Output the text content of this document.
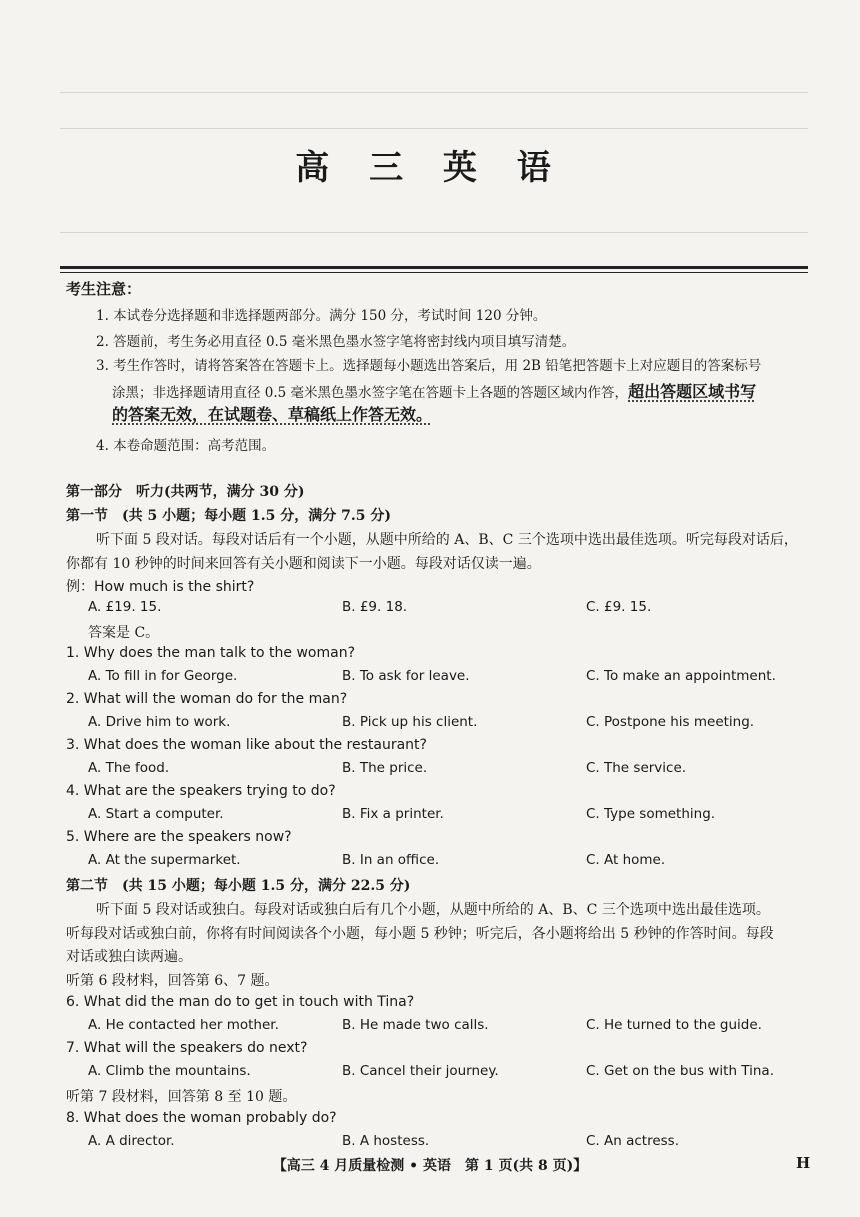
高 三 英 语
考生注意：
1. 本试卷分选择题和非选择题两部分。满分 150 分，考试时间 120 分钟。
2. 答题前，考生务必用直径 0.5 毫米黑色墨水签字笔将密封线内项目填写清楚。
3. 考生作答时，请将答案答在答题卡上。选择题每小题选出答案后，用 2B 铅笔把答题卡上对应题目的答案标号
涂黑；非选择题请用直径 0.5 毫米黑色墨水签字笔在答题卡上各题的答题区域内作答，超出答题区域书写
的答案无效，在试题卷、草稿纸上作答无效。
4. 本卷命题范围：高考范围。
第一部分　听力(共两节，满分 30 分)
第一节　(共 5 小题；每小题 1.5 分，满分 7.5 分)
听下面 5 段对话。每段对话后有一个小题，从题中所给的 A、B、C 三个选项中选出最佳选项。听完每段对话后，
你都有 10 秒钟的时间来回答有关小题和阅读下一小题。每段对话仅读一遍。
例：How much is the shirt?
A. £19. 15.	B. £9. 18.	C. £9. 15.
答案是 C。
1. Why does the man talk to the woman?
A. To fill in for George.	B. To ask for leave.	C. To make an appointment.
2. What will the woman do for the man?
A. Drive him to work.	B. Pick up his client.	C. Postpone his meeting.
3. What does the woman like about the restaurant?
A. The food.	B. The price.	C. The service.
4. What are the speakers trying to do?
A. Start a computer.	B. Fix a printer.	C. Type something.
5. Where are the speakers now?
A. At the supermarket.	B. In an office.	C. At home.
第二节　(共 15 小题；每小题 1.5 分，满分 22.5 分)
听下面 5 段对话或独白。每段对话或独白后有几个小题，从题中所给的 A、B、C 三个选项中选出最佳选项。
听每段对话或独白前，你将有时间阅读各个小题，每小题 5 秒钟；听完后，各小题将给出 5 秒钟的作答时间。每段
对话或独白读两遍。
听第 6 段材料，回答第 6、7 题。
6. What did the man do to get in touch with Tina?
A. He contacted her mother.	B. He made two calls.	C. He turned to the guide.
7. What will the speakers do next?
A. Climb the mountains.	B. Cancel their journey.	C. Get on the bus with Tina.
听第 7 段材料，回答第 8 至 10 题。
8. What does the woman probably do?
A. A director.	B. A hostess.	C. An actress.
【高三 4 月质量检测 • 英语　第 1 页(共 8 页)】	H
